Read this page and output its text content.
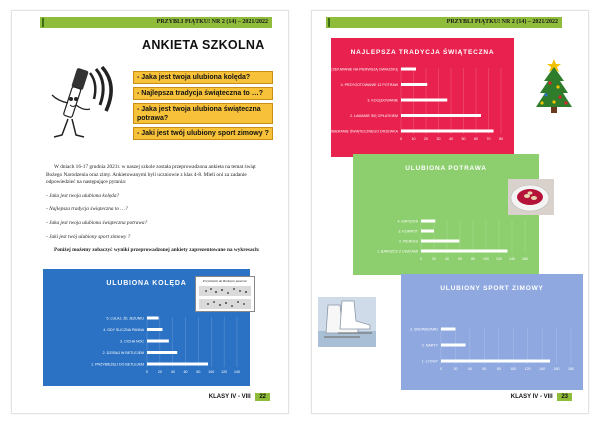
PRZYBLI PIĄTKU! NR 2 (14) – 2021/2022
ANKIETA SZKOLNA
- Jaka jest twoja ulubiona kolęda?
- Najlepsza tradycja świąteczna to …?
- Jaka jest twoja ulubiona świąteczna potrawa?
- Jaki jest twój ulubiony sport zimowy ?

W dniach 16-17 grudnia 2021r. w naszej szkole została przeprowadzona ankieta na temat świąt Bożego Narodzenia oraz zimy. Ankietowanymi byli uczniowie z klas 4-8. Mieli oni za zadanie odpowiedzieć na następujące pytania:

- Jaka jest twoja ulubiona kolęda?

- Najlepsza tradycja świąteczna to …?

- Jaka jest twoja ulubiona świąteczna potrawa?

- Jaki jest twój ulubiony sport zimowy ?

Poniżej możemy zobaczyć wyniki przeprowadzonej ankiety zaprezentowane na wykresach:

ULUBIONA KOLĘDA
0	20 40 60 80 100 120 140
1. PRZYBIEŻELI DO BETLEJEM
2. DZISIAJ W BETLEJEM
3. CICHA NOC
4. GDY ŚLICZNA PANNA
5. LULAJ, ŻE JEZUNIU
Przybieżeli do Betlejem pasterze
KLASY IV - VIII 22
PRZYBLI PIĄTKU! NR 2 (14) – 2021/2022
NAJLEPSZA TRADYCJA ŚWIĄTECZNA
0	10 20 30 40 50 60 70 80
1. OBIERANIE ŚWIĄTECZNEGO DRZEWKA
2. ŁAMANIE SIĘ OPŁATKIEM
3. KOLĘDOWANIE
4. PRZYGOTOWANIE 12 POTRAW
5. OCZEKIWANIE NA PIERWSZĄ GWIAZDKĘ
ULUBIONA POTRAWA
0	20	40	60	80 100 120 140 160
1. BARSZCZ Z USZKAMI
2. PIEROGI
3. KOMPOT
4. KAPUSTA
ULUBIONY SPORT ZIMOWY
0	20	40	60	80	100 120 140 160 180
1. ŁYŻWY
2. NARTY
3. SNOWBOARD
KLASY IV - VIII 23
